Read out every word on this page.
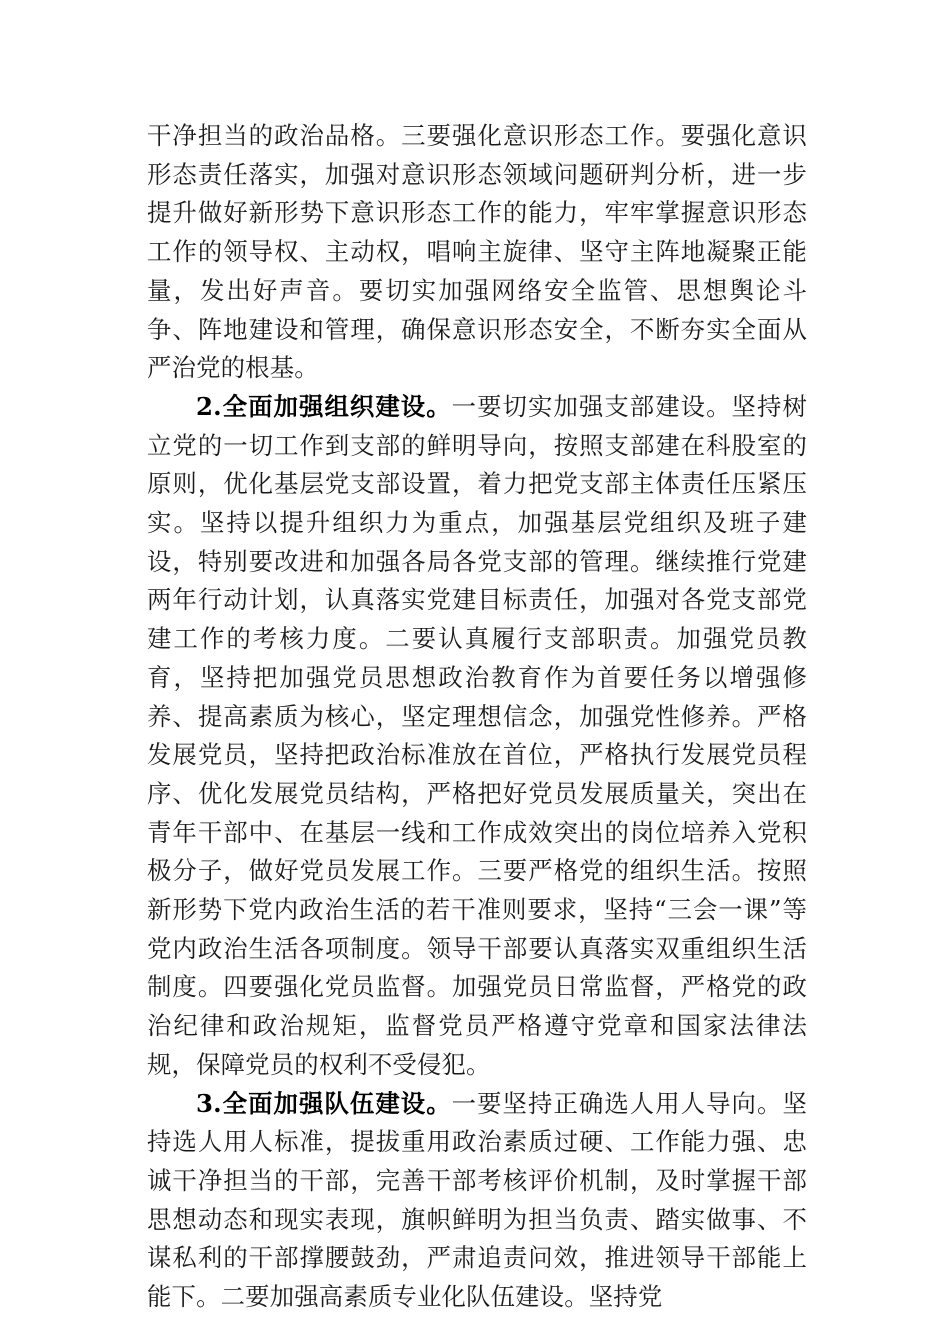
干净担当的政治品格。三要强化意识形态工作。要强化意识形态责任落实，加强对意识形态领域问题研判分析，进一步提升做好新形势下意识形态工作的能力，牢牢掌握意识形态工作的领导权、主动权，唱响主旋律、坚守主阵地凝聚正能量，发出好声音。要切实加强网络安全监管、思想舆论斗争、阵地建设和管理，确保意识形态安全，不断夯实全面从严治党的根基。

2.全面加强组织建设。一要切实加强支部建设。坚持树立党的一切工作到支部的鲜明导向，按照支部建在科股室的原则，优化基层党支部设置，着力把党支部主体责任压紧压实。坚持以提升组织力为重点，加强基层党组织及班子建设，特别要改进和加强各局各党支部的管理。继续推行党建两年行动计划，认真落实党建目标责任，加强对各党支部党建工作的考核力度。二要认真履行支部职责。加强党员教育，坚持把加强党员思想政治教育作为首要任务以增强修养、提高素质为核心，坚定理想信念，加强党性修养。严格发展党员，坚持把政治标准放在首位，严格执行发展党员程序、优化发展党员结构，严格把好党员发展质量关，突出在青年干部中、在基层一线和工作成效突出的岗位培养入党积极分子，做好党员发展工作。三要严格党的组织生活。按照新形势下党内政治生活的若干准则要求，坚持“三会一课”等党内政治生活各项制度。领导干部要认真落实双重组织生活制度。四要强化党员监督。加强党员日常监督，严格党的政治纪律和政治规矩，监督党员严格遵守党章和国家法律法规，保障党员的权利不受侵犯。

3.全面加强队伍建设。一要坚持正确选人用人导向。坚持选人用人标准，提拔重用政治素质过硬、工作能力强、忠诚干净担当的干部，完善干部考核评价机制，及时掌握干部思想动态和现实表现，旗帜鲜明为担当负责、踏实做事、不谋私利的干部撑腰鼓劲，严肃追责问效，推进领导干部能上能下。二要加强高素质专业化队伍建设。坚持党
